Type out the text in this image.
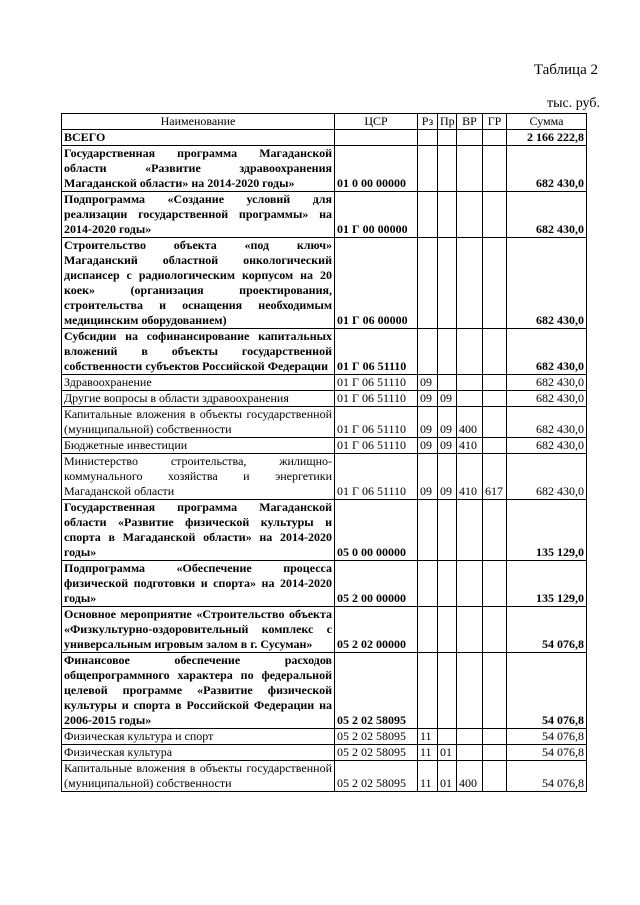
Таблица 2
тыс. руб.
Наименование	ЦСР	Рз	Пр	ВР	ГР	Сумма
ВСЕГО						2 166 222,8
Государственная программа Магаданской области «Развитие здравоохранения Магаданской области» на 2014-2020 годы»	01 0 00 00000					682 430,0
Подпрограмма «Создание условий для реализации государственной программы» на 2014-2020 годы»	01 Г 00 00000					682 430,0
Строительство объекта «под ключ» Магаданский областной онкологический диспансер с радиологическим корпусом на 20 коек» (организация проектирования, строительства и оснащения необходимым медицинским оборудованием)	01 Г 06 00000					682 430,0
Субсидии на софинансирование капитальных вложений в объекты государственной собственности субъектов Российской Федерации	01 Г 06 51110					682 430,0
Здравоохранение	01 Г 06 51110	09				682 430,0
Другие вопросы в области здравоохранения	01 Г 06 51110	09	09			682 430,0
Капитальные вложения в объекты государственной (муниципальной) собственности	01 Г 06 51110	09	09	400		682 430,0
Бюджетные инвестиции	01 Г 06 51110	09	09	410		682 430,0
Министерство строительства, жилищно-коммунального хозяйства и энергетики Магаданской области	01 Г 06 51110	09	09	410	617	682 430,0
Государственная программа Магаданской области «Развитие физической культуры и спорта в Магаданской области» на 2014-2020 годы»	05 0 00 00000					135 129,0
Подпрограмма «Обеспечение процесса физической подготовки и спорта» на 2014-2020 годы»	05 2 00 00000					135 129,0
Основное мероприятие «Строительство объекта «Физкультурно-оздоровительный комплекс с универсальным игровым залом в г. Сусуман»	05 2 02 00000					54 076,8
Финансовое обеспечение расходов общепрограммного характера по федеральной целевой программе «Развитие физической культуры и спорта в Российской Федерации на 2006-2015 годы»	05 2 02 58095					54 076,8
Физическая культура и спорт	05 2 02 58095	11				54 076,8
Физическая культура	05 2 02 58095	11	01			54 076,8
Капитальные вложения в объекты государственной (муниципальной) собственности	05 2 02 58095	11	01	400		54 076,8
